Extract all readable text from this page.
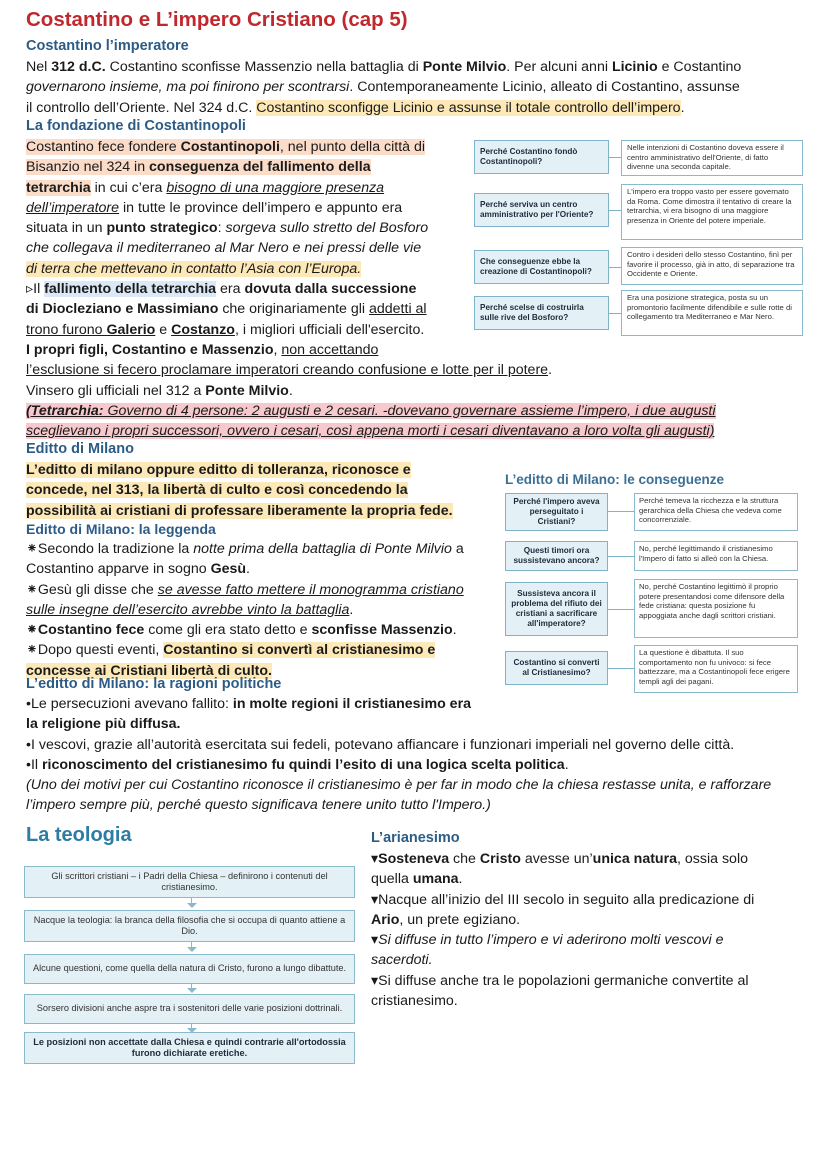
Costantino e L’impero Cristiano (cap 5)
Costantino l’imperatore
Nel 312 d.C. Costantino sconfisse Massenzio nella battaglia di Ponte Milvio. Per alcuni anni Licinio e Costantino
governarono insieme, ma poi finirono per scontrarsi. Contemporaneamente Licinio, alleato di Costantino, assunse
il controllo dell’Oriente. Nel 324 d.C. Costantino sconfigge Licinio e assunse il totale controllo dell’impero.
La fondazione di Costantinopoli
Costantino fece fondere Costantinopoli, nel punto della città di
Bisanzio nel 324 in conseguenza del fallimento della
tetrarchia in cui c’era bisogno di una maggiore presenza
dell’imperatore in tutte le province dell’impero e appunto era
situata in un punto strategico: sorgeva sullo stretto del Bosforo
che collegava il mediterraneo al Mar Nero e nei pressi delle vie
di terra che mettevano in contatto l’Asia con l’Europa.
▹Il fallimento della tetrarchia era dovuta dalla successione
di Diocleziano e Massimiano che originariamente gli addetti al
trono furono Galerio e Costanzo, i migliori ufficiali dell'esercito.
I propri figli, Costantino e Massenzio, non accettando
l’esclusione si fecero proclamare imperatori creando confusione e lotte per il potere.
Vinsero gli ufficiali nel 312 a Ponte Milvio.
(Tetrarchia: Governo di 4 persone: 2 augusti e 2 cesari. -dovevano governare assieme l’impero, i due augusti
sceglievano i propri successori, ovvero i cesari, così appena morti i cesari diventavano a loro volta gli augusti)
Perché Costantino fondò Costantinopoli?
Nelle intenzioni di Costantino doveva essere il centro amministrativo dell'Oriente, di fatto divenne una seconda capitale.
Perché serviva un centro amministrativo per l'Oriente?
L'impero era troppo vasto per essere governato da Roma. Come dimostra il tentativo di creare la tetrarchia, vi era bisogno di una maggiore presenza in Oriente del potere imperiale.
Che conseguenze ebbe la creazione di Costantinopoli?
Contro i desideri dello stesso Costantino, finì per favorire il processo, già in atto, di separazione tra Occidente e Oriente.
Perché scelse di costruirla sulle rive del Bosforo?
Era una posizione strategica, posta su un promontorio facilmente difendibile e sulle rotte di collegamento tra Mediterraneo e Mar Nero.
Editto di Milano
L’editto di milano oppure editto di tolleranza, riconosce e
concede, nel 313, la libertà di culto e così concedendo la
possibilità ai cristiani di professare liberamente la propria fede.
Editto di Milano: la leggenda
⁕Secondo la tradizione la notte prima della battaglia di Ponte Milvio a
Costantino apparve in sogno Gesù.
⁕Gesù gli disse che se avesse fatto mettere il monogramma cristiano
sulle insegne dell’esercito avrebbe vinto la battaglia.
⁕Costantino fece come gli era stato detto e sconfisse Massenzio.
⁕Dopo questi eventi, Costantino si convertì al cristianesimo e
concesse ai Cristiani libertà di culto.
L’editto di Milano: la ragioni politiche
•Le persecuzioni avevano fallito: in molte regioni il cristianesimo era
la religione più diffusa.
•I vescovi, grazie all’autorità esercitata sui fedeli, potevano affiancare i funzionari imperiali nel governo delle città.
•Il riconoscimento del cristianesimo fu quindi l’esito di una logica scelta politica.
(Uno dei motivi per cui Costantino riconosce il cristianesimo è per far in modo che la chiesa restasse unita, e rafforzare
l’impero sempre più, perché questo significava tenere unito tutto l'Impero.)
L’editto di Milano: le conseguenze
Perché l'impero aveva perseguitato i Cristiani?
Perché temeva la ricchezza e la struttura gerarchica della Chiesa che vedeva come concorrenziale.
Questi timori ora sussistevano ancora?
No, perché legittimando il cristianesimo l'Impero di fatto si alleò con la Chiesa.
Sussisteva ancora il problema del rifiuto dei cristiani a sacrificare all'imperatore?
No, perché Costantino legittimò il proprio potere presentandosi come difensore della fede cristiana: questa posizione fu appoggiata anche dagli scrittori cristiani.
Costantino si converti al Cristianesimo?
La questione è dibattuta. Il suo comportamento non fu univoco: si fece battezzare, ma a Costantinopoli fece erigere templi agli dei pagani.
La teologia
Gli scrittori cristiani – i Padri della Chiesa – definirono i contenuti del cristianesimo.
Nacque la teologia: la branca della filosofia che si occupa di quanto attiene a Dio.
Alcune questioni, come quella della natura di Cristo, furono a lungo dibattute.
Sorsero divisioni anche aspre tra i sostenitori delle varie posizioni dottrinali.
Le posizioni non accettate dalla Chiesa e quindi contrarie all'ortodossia furono dichiarate eretiche.
L’arianesimo
▾Sosteneva che Cristo avesse un’unica natura, ossia solo
quella umana.
▾Nacque all’inizio del III secolo in seguito alla predicazione di
Ario, un prete egiziano.
▾Si diffuse in tutto l’impero e vi aderirono molti vescovi e
sacerdoti.
▾Si diffuse anche tra le popolazioni germaniche convertite al
cristianesimo.
